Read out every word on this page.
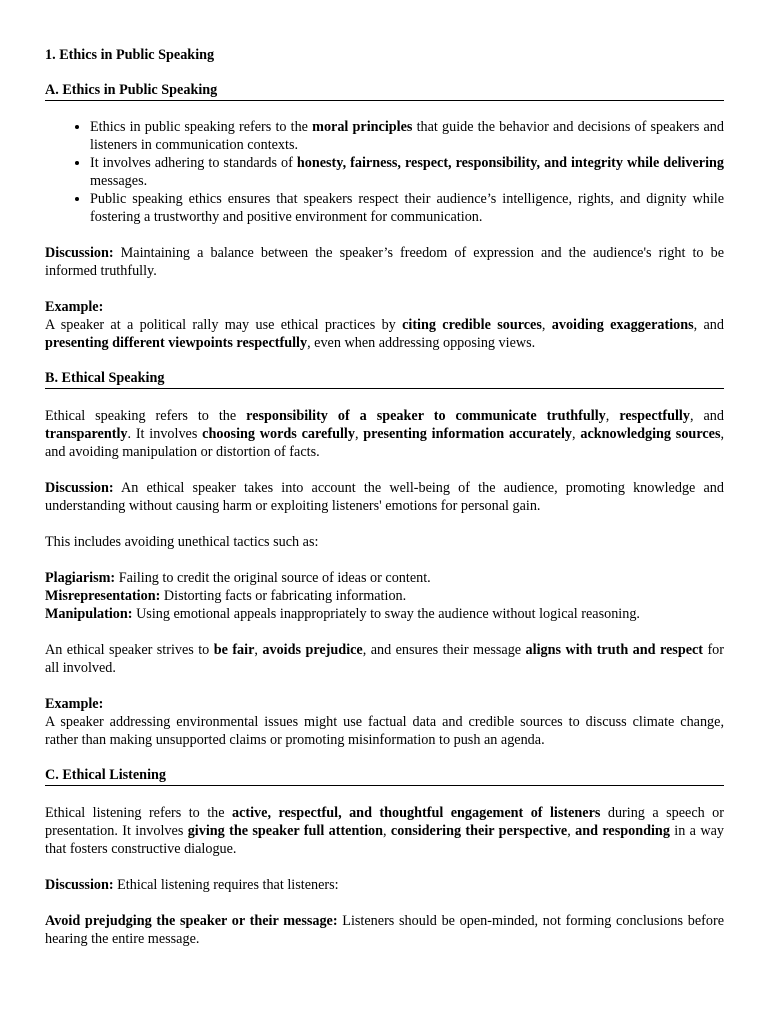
1. Ethics in Public Speaking
A. Ethics in Public Speaking
• Ethics in public speaking refers to the moral principles that guide the behavior and decisions of speakers and listeners in communication contexts.
• It involves adhering to standards of honesty, fairness, respect, responsibility, and integrity while delivering messages.
• Public speaking ethics ensures that speakers respect their audience’s intelligence, rights, and dignity while fostering a trustworthy and positive environment for communication.

Discussion: Maintaining a balance between the speaker’s freedom of expression and the audience's right to be informed truthfully.

Example:

A speaker at a political rally may use ethical practices by citing credible sources, avoiding exaggerations, and presenting different viewpoints respectfully, even when addressing opposing views.

B. Ethical Speaking

Ethical speaking refers to the responsibility of a speaker to communicate truthfully, respectfully, and transparently. It involves choosing words carefully, presenting information accurately, acknowledging sources, and avoiding manipulation or distortion of facts.

Discussion: An ethical speaker takes into account the well-being of the audience, promoting knowledge and understanding without causing harm or exploiting listeners' emotions for personal gain.

This includes avoiding unethical tactics such as:

Plagiarism: Failing to credit the original source of ideas or content.

Misrepresentation: Distorting facts or fabricating information.

Manipulation: Using emotional appeals inappropriately to sway the audience without logical reasoning.

An ethical speaker strives to be fair, avoids prejudice, and ensures their message aligns with truth and respect for all involved.

Example:

A speaker addressing environmental issues might use factual data and credible sources to discuss climate change, rather than making unsupported claims or promoting misinformation to push an agenda.

C. Ethical Listening

Ethical listening refers to the active, respectful, and thoughtful engagement of listeners during a speech or presentation. It involves giving the speaker full attention, considering their perspective, and responding in a way that fosters constructive dialogue.

Discussion: Ethical listening requires that listeners:

Avoid prejudging the speaker or their message: Listeners should be open-minded, not forming conclusions before hearing the entire message.
